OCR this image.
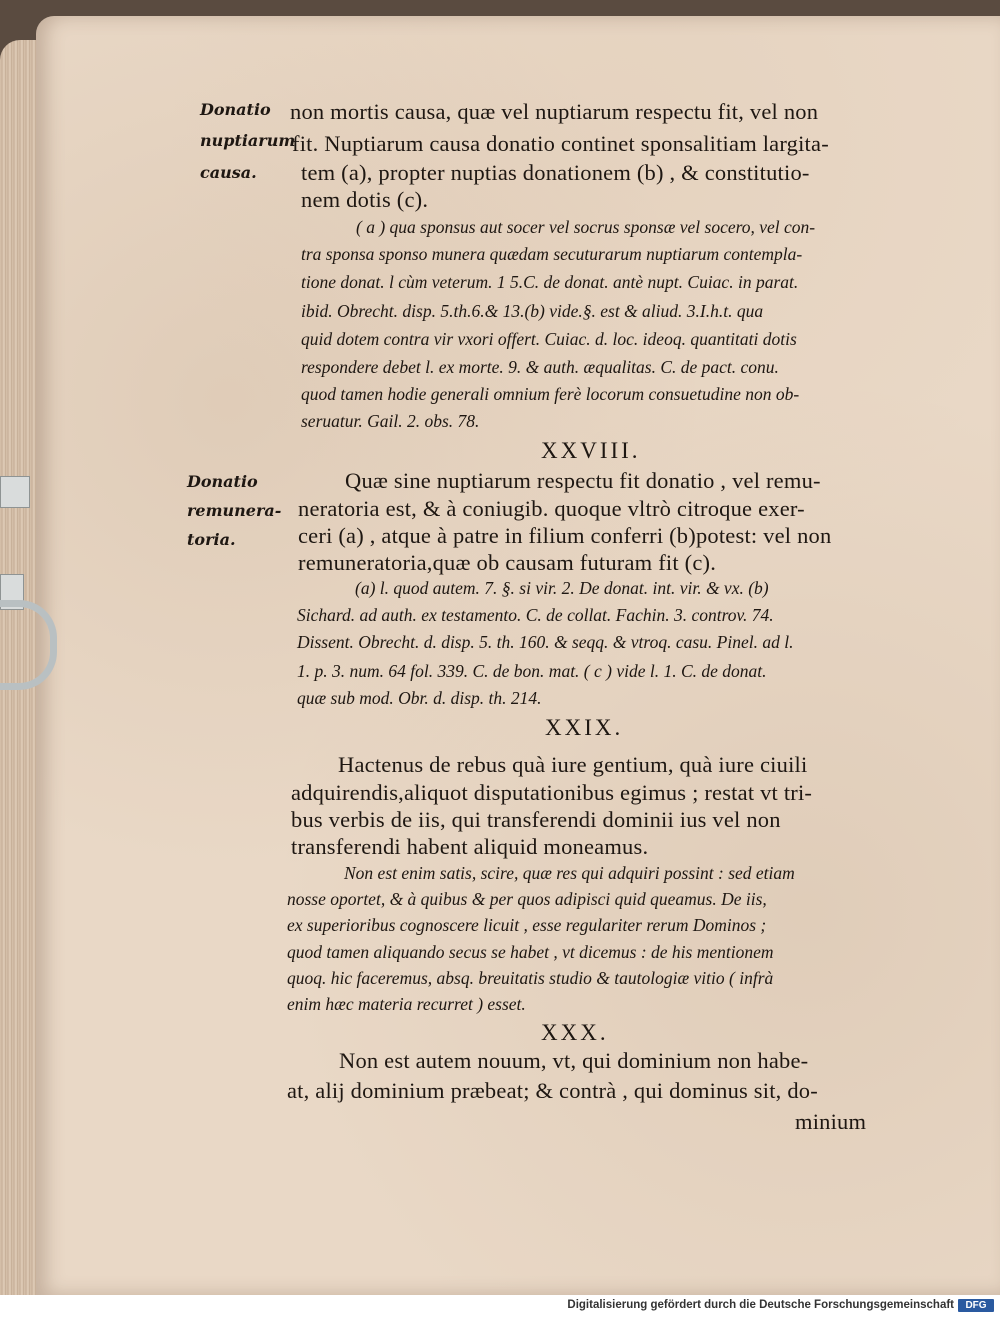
Donatio
nuptiarum
causa.
Donatio
remunera-
toria.
non mortis causa, quæ vel nuptiarum respectu fit, vel non
fit. Nuptiarum causa donatio continet sponsalitiam largita-
tem (a), propter nuptias donationem (b) , & constitutio-
nem dotis (c).
( a ) qua sponsus aut socer vel socrus sponsæ vel socero, vel con-
tra sponsa sponso munera quædam secuturarum nuptiarum contempla-
tione donat. l cùm veterum. 1 5.C. de donat. antè nupt. Cuiac. in parat.
ibid. Obrecht. disp. 5.th.6.& 13.(b) vide.§. est & aliud. 3.I.h.t. qua
quid dotem contra vir vxori offert. Cuiac. d. loc. ideoq. quantitati dotis
respondere debet l. ex morte. 9. & auth. æqualitas. C. de pact. conu.
quod tamen hodie generali omnium ferè locorum consuetudine non ob-
seruatur. Gail. 2. obs. 78.
XXVIII.
Quæ sine nuptiarum respectu fit donatio , vel remu-
neratoria est, & à coniugib. quoque vltrò citroque exer-
ceri (a) , atque à patre in filium conferri (b)potest: vel non
remuneratoria,quæ ob causam futuram fit (c).
(a) l. quod autem. 7. §. si vir. 2. De donat. int. vir. & vx. (b)
Sichard. ad auth. ex testamento. C. de collat. Fachin. 3. controv. 74.
Dissent. Obrecht. d. disp. 5. th. 160. & seqq. & vtroq. casu. Pinel. ad l.
1. p. 3. num. 64 fol. 339. C. de bon. mat. ( c ) vide l. 1. C. de donat.
quæ sub mod. Obr. d. disp. th. 214.
XXIX.
Hactenus de rebus quà iure gentium, quà iure ciuili
adquirendis,aliquot disputationibus egimus ; restat vt tri-
bus verbis de iis, qui transferendi dominii ius vel non
transferendi habent aliquid moneamus.
Non est enim satis, scire, quæ res qui adquiri possint : sed etiam
nosse oportet, & à quibus & per quos adipisci quid queamus. De iis,
ex superioribus cognoscere licuit , esse regulariter rerum Dominos ;
quod tamen aliquando secus se habet , vt dicemus : de his mentionem
quoq. hic faceremus, absq. breuitatis studio & tautologiæ vitio ( infrà
enim hæc materia recurret ) esset.
XXX.
Non est autem nouum, vt, qui dominium non habe-
at, alij dominium præbeat; & contrà , qui dominus sit, do-
minium
Digitalisierung gefördert durch die Deutsche Forschungsgemeinschaft	DFG
